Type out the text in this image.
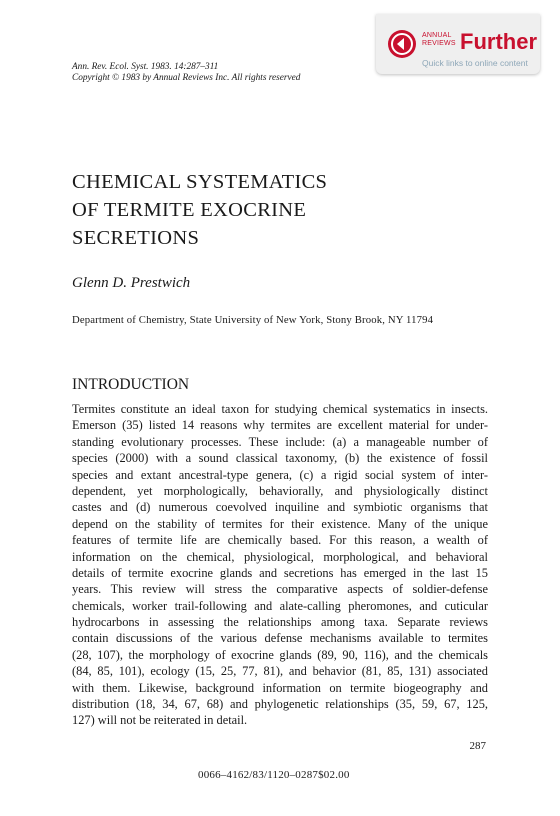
ANNUAL
REVIEWS Further
Quick links to online content
Ann. Rev. Ecol. Syst. 1983. 14:287–311
Copyright © 1983 by Annual Reviews Inc. All rights reserved
CHEMICAL SYSTEMATICS
OF TERMITE EXOCRINE
SECRETIONS
Glenn D. Prestwich
Department of Chemistry, State University of New York, Stony Brook, NY 11794
INTRODUCTION
Termites constitute an ideal taxon for studying chemical systematics in insects.
Emerson (35) listed 14 reasons why termites are excellent material for under-
standing evolutionary processes. These include: (a) a manageable number of
species (2000) with a sound classical taxonomy, (b) the existence of fossil
species and extant ancestral-type genera, (c) a rigid social system of inter-
dependent, yet morphologically, behaviorally, and physiologically distinct
castes and (d) numerous coevolved inquiline and symbiotic organisms that
depend on the stability of termites for their existence. Many of the unique
features of termite life are chemically based. For this reason, a wealth of
information on the chemical, physiological, morphological, and behavioral
details of termite exocrine glands and secretions has emerged in the last 15
years. This review will stress the comparative aspects of soldier-defense
chemicals, worker trail-following and alate-calling pheromones, and cuticular
hydrocarbons in assessing the relationships among taxa. Separate reviews
contain discussions of the various defense mechanisms available to termites
(28, 107), the morphology of exocrine glands (89, 90, 116), and the chemicals
(84, 85, 101), ecology (15, 25, 77, 81), and behavior (81, 85, 131) associated
with them. Likewise, background information on termite biogeography and
distribution (18, 34, 67, 68) and phylogenetic relationships (35, 59, 67, 125,
127) will not be reiterated in detail.
287
0066–4162/83/1120–0287$02.00
